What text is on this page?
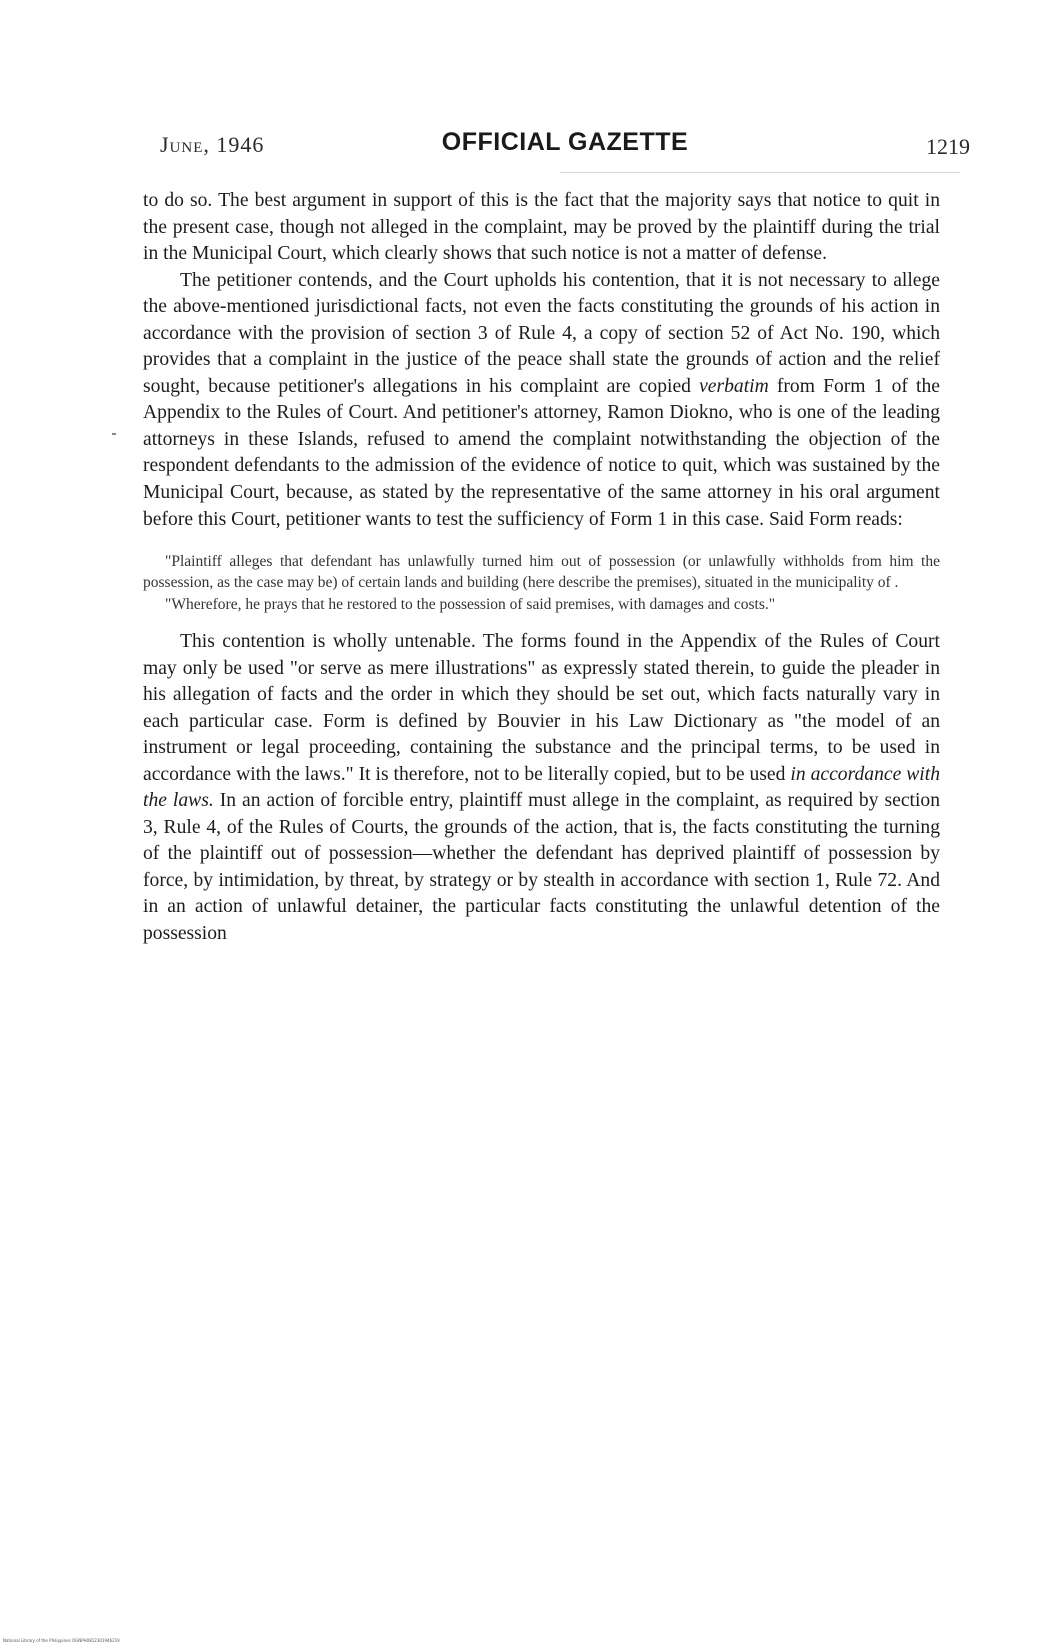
June, 1946	OFFICIAL GAZETTE	1219

to do so. The best argument in support of this is the fact that the majority says that notice to quit in the present case, though not alleged in the complaint, may be proved by the plaintiff during the trial in the Municipal Court, which clearly shows that such notice is not a matter of defense.

The petitioner contends, and the Court upholds his contention, that it is not necessary to allege the above-mentioned jurisdictional facts, not even the facts constituting the grounds of his action in accordance with the provision of section 3 of Rule 4, a copy of section 52 of Act No. 190, which provides that a complaint in the justice of the peace shall state the grounds of action and the relief sought, because petitioner's allegations in his complaint are copied verbatim from Form 1 of the Appendix to the Rules of Court. And petitioner's attorney, Ramon Diokno, who is one of the leading attorneys in these Islands, refused to amend the complaint notwithstanding the objection of the respondent defendants to the admission of the evidence of notice to quit, which was sustained by the Municipal Court, because, as stated by the representative of the same attorney in his oral argument before this Court, petitioner wants to test the sufficiency of Form 1 in this case. Said Form reads:

"Plaintiff alleges that defendant has unlawfully turned him out of possession (or unlawfully withholds from him the possession, as the case may be) of certain lands and building (here describe the premises), situated in the municipality of .

"Wherefore, he prays that he restored to the possession of said premises, with damages and costs."

This contention is wholly untenable. The forms found in the Appendix of the Rules of Court may only be used "or serve as mere illustrations" as expressly stated therein, to guide the pleader in his allegation of facts and the order in which they should be set out, which facts naturally vary in each particular case. Form is defined by Bouvier in his Law Dictionary as "the model of an instrument or legal proceeding, containing the substance and the principal terms, to be used in accordance with the laws." It is therefore, not to be literally copied, but to be used in accordance with the laws. In an action of forcible entry, plaintiff must allege in the complaint, as required by section 3, Rule 4, of the Rules of Courts, the grounds of the action, that is, the facts constituting the turning of the plaintiff out of possession—whether the defendant has deprived plaintiff of possession by force, by intimidation, by threat, by strategy or by stealth in accordance with section 1, Rule 72. And in an action of unlawful detainer, the particular facts constituting the unlawful detention of the possession

National Library of the Philippines OGNPH0812301946219
